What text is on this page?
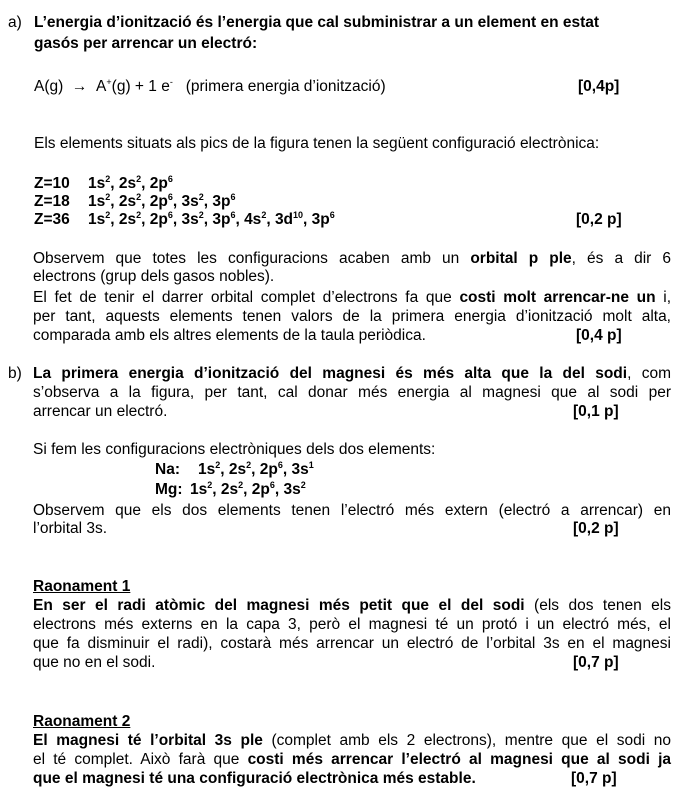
a) L’energia d’ionització és l’energia que cal subministrar a un element en estat
gasós per arrencar un electró:
A(g) → A+(g) + 1 e- (primera energia d’ionització)	[0,4p]
Els elements situats als pics de la figura tenen la següent configuració electrònica:
Z=10 $1s^2$, $2s^2$, $2p^6$
Z=18 $1s^2$, $2s^2$, $2p^6$, $3s^2$, $3p^6$
Z=36 $1s^2$, $2s^2$, $2p^6$, $3s^2$, $3p^6$, $4s^2$, $3d^{10}$, $3p^6$	[0,2 p]
Observem que totes les configuracions acaben amb un orbital p ple, és a dir 6
electrons (grup dels gasos nobles).
El fet de tenir el darrer orbital complet d’electrons fa que costi molt arrencar-ne un i,
per tant, aquests elements tenen valors de la primera energia d’ionització molt alta,
comparada amb els altres elements de la taula periòdica.	[0,4 p]
b) La primera energia d’ionització del magnesi és més alta que la del sodi, com
s’observa a la figura, per tant, cal donar més energia al magnesi que al sodi per
arrencar un electró.	[0,1 p]
Si fem les configuracions electròniques dels dos elements:
Na: $1s^2$, $2s^2$, $2p^6$, $3s^1$
Mg: $1s^2$, $2s^2$, $2p^6$, $3s^2$
Observem que els dos elements tenen l’electró més extern (electró a arrencar) en
l’orbital 3s.	[0,2 p]
Raonament 1
En ser el radi atòmic del magnesi més petit que el del sodi (els dos tenen els
electrons més externs en la capa 3, però el magnesi té un protó i un electró més, el
que fa disminuir el radi), costarà més arrencar un electró de l’orbital 3s en el magnesi
que no en el sodi.	[0,7 p]
Raonament 2
El magnesi té l’orbital 3s ple (complet amb els 2 electrons), mentre que el sodi no
el té complet. Això farà que costi més arrencar l’electró al magnesi que al sodi ja
que el magnesi té una configuració electrònica més estable.	[0,7 p]
